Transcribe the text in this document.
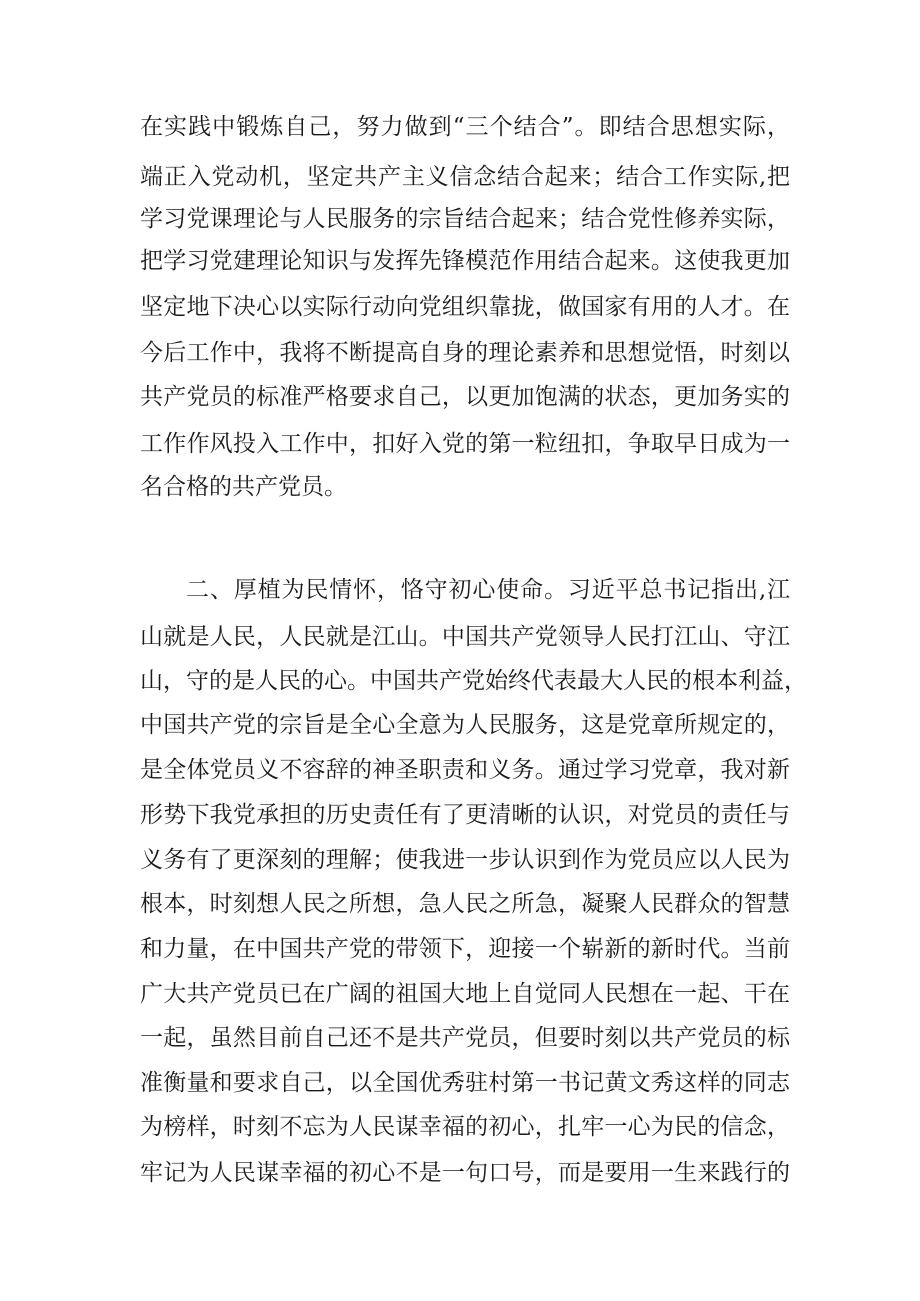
在实践中锻炼自己，努力做到“三个结合”。即结合思想实际，
端正入党动机，坚定共产主义信念结合起来；结合工作实际,把
学习党课理论与人民服务的宗旨结合起来；结合党性修养实际，
把学习党建理论知识与发挥先锋模范作用结合起来。这使我更加
坚定地下决心以实际行动向党组织靠拢，做国家有用的人才。在
今后工作中，我将不断提高自身的理论素养和思想觉悟，时刻以
共产党员的标准严格要求自己，以更加饱满的状态，更加务实的
工作作风投入工作中，扣好入党的第一粒纽扣，争取早日成为一
名合格的共产党员。
二、厚植为民情怀，恪守初心使命。习近平总书记指出,江
山就是人民，人民就是江山。中国共产党领导人民打江山、守江
山，守的是人民的心。中国共产党始终代表最大人民的根本利益，
中国共产党的宗旨是全心全意为人民服务，这是党章所规定的，
是全体党员义不容辞的神圣职责和义务。通过学习党章，我对新
形势下我党承担的历史责任有了更清晰的认识，对党员的责任与
义务有了更深刻的理解；使我进一步认识到作为党员应以人民为
根本，时刻想人民之所想，急人民之所急，凝聚人民群众的智慧
和力量，在中国共产党的带领下，迎接一个崭新的新时代。当前
广大共产党员已在广阔的祖国大地上自觉同人民想在一起、干在
一起，虽然目前自己还不是共产党员，但要时刻以共产党员的标
准衡量和要求自己，以全国优秀驻村第一书记黄文秀这样的同志
为榜样，时刻不忘为人民谋幸福的初心，扎牢一心为民的信念，
牢记为人民谋幸福的初心不是一句口号，而是要用一生来践行的
